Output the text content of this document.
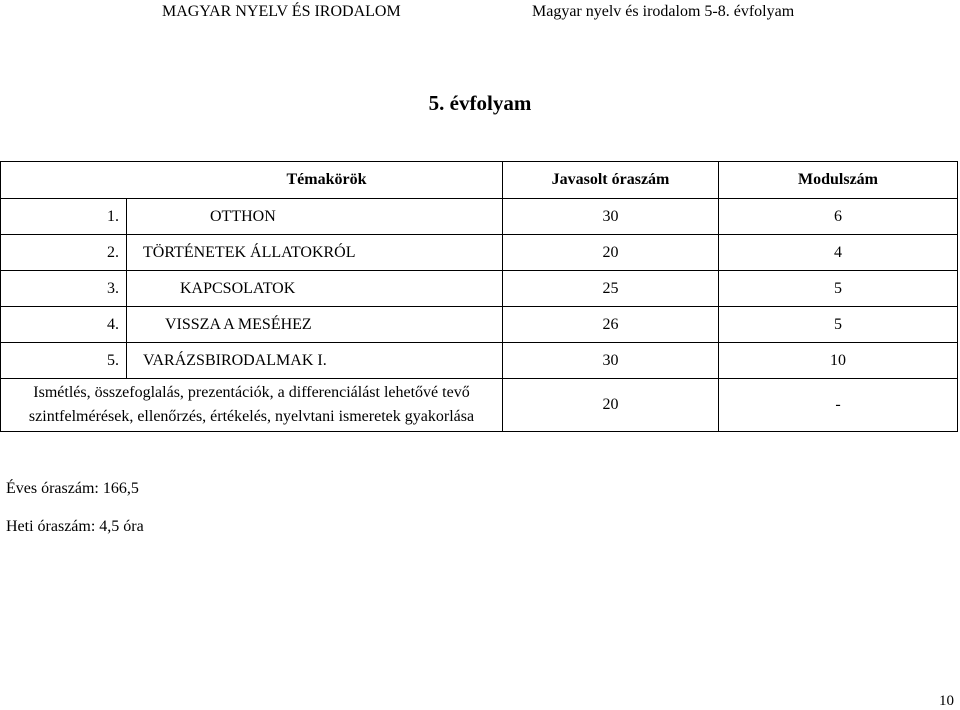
MAGYAR NYELV ÉS IRODALOM	Magyar nyelv és irodalom 5-8. évfolyam
5. évfolyam
Témakörök		Javasolt óraszám	Modulszám
1.	OTTHON	30	6
2.	TÖRTÉNETEK ÁLLATOKRÓL	20	4
3.	KAPCSOLATOK	25	5
4.	VISSZA A MESÉHEZ	26	5
5.	VARÁZSBIRODALMAK I.	30	10

Ismétlés, összefoglalás, prezentációk, a differenciálást lehetővé tevő
szintfelmérések, ellenőrzés, értékelés, nyelvtani ismeretek gyakorlása		20	-
Éves óraszám: 166,5
Heti óraszám: 4,5 óra
10
